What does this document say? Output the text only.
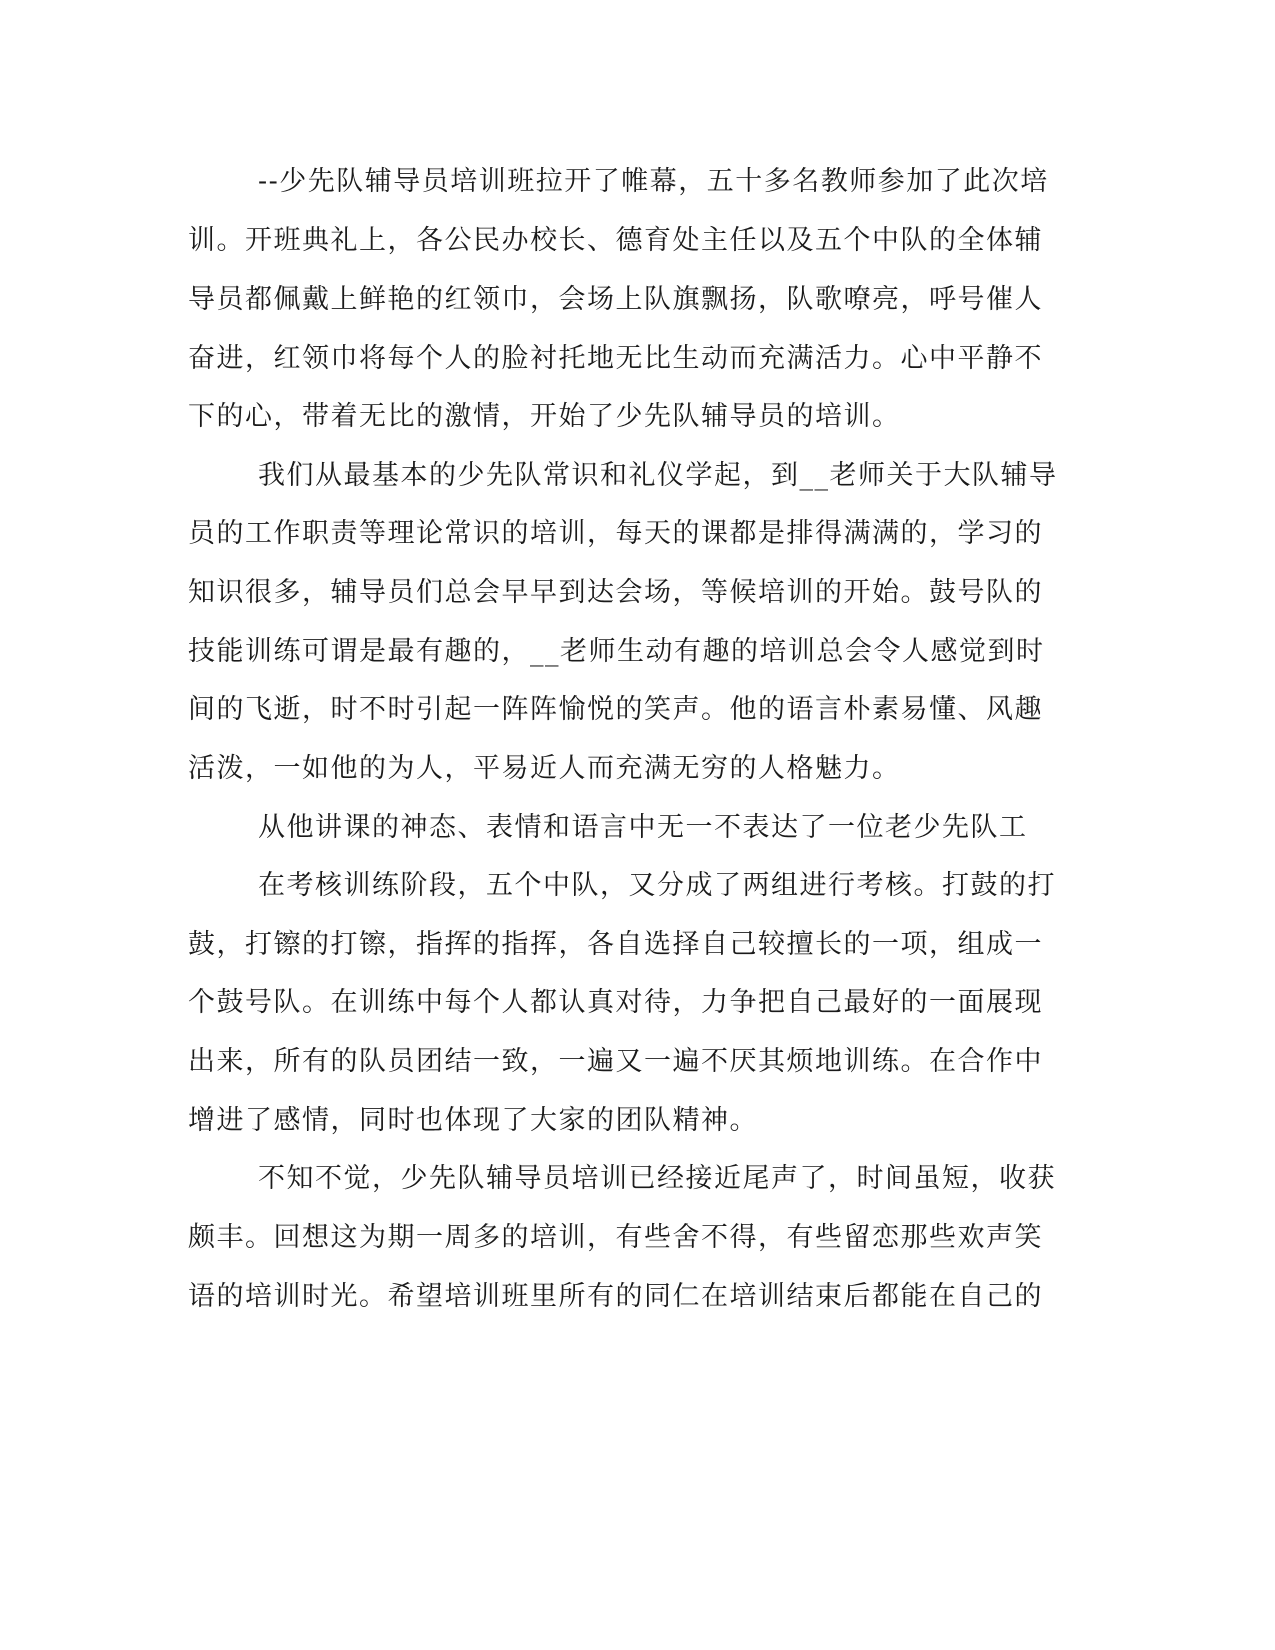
--少先队辅导员培训班拉开了帷幕，五十多名教师参加了此次培
训。开班典礼上，各公民办校长、德育处主任以及五个中队的全体辅
导员都佩戴上鲜艳的红领巾，会场上队旗飘扬，队歌嘹亮，呼号催人
奋进，红领巾将每个人的脸衬托地无比生动而充满活力。心中平静不
下的心，带着无比的激情，开始了少先队辅导员的培训。
我们从最基本的少先队常识和礼仪学起，到__老师关于大队辅导
员的工作职责等理论常识的培训，每天的课都是排得满满的，学习的
知识很多，辅导员们总会早早到达会场，等候培训的开始。鼓号队的
技能训练可谓是最有趣的，__老师生动有趣的培训总会令人感觉到时
间的飞逝，时不时引起一阵阵愉悦的笑声。他的语言朴素易懂、风趣
活泼，一如他的为人，平易近人而充满无穷的人格魅力。
从他讲课的神态、表情和语言中无一不表达了一位老少先队工
在考核训练阶段，五个中队，又分成了两组进行考核。打鼓的打
鼓，打镲的打镲，指挥的指挥，各自选择自己较擅长的一项，组成一
个鼓号队。在训练中每个人都认真对待，力争把自己最好的一面展现
出来，所有的队员团结一致，一遍又一遍不厌其烦地训练。在合作中
增进了感情，同时也体现了大家的团队精神。
不知不觉，少先队辅导员培训已经接近尾声了，时间虽短，收获
颇丰。回想这为期一周多的培训，有些舍不得，有些留恋那些欢声笑
语的培训时光。希望培训班里所有的同仁在培训结束后都能在自己的
